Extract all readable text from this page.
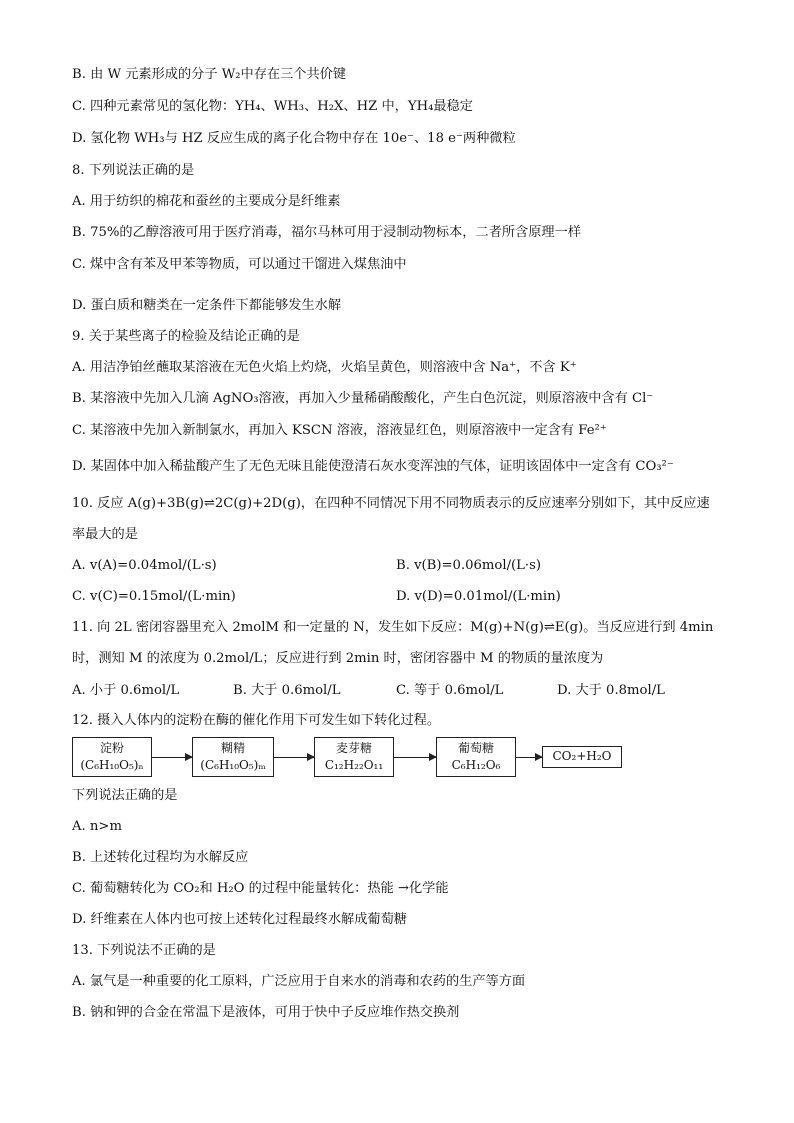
B. 由 W 元素形成的分子 W₂中存在三个共价键
C. 四种元素常见的氢化物：YH₄、WH₃、H₂X、HZ 中，YH₄最稳定
D. 氢化物 WH₃与 HZ 反应生成的离子化合物中存在 10e⁻、18 e⁻两种微粒
8. 下列说法正确的是
A. 用于纺织的棉花和蚕丝的主要成分是纤维素
B. 75%的乙醇溶液可用于医疗消毒，福尔马林可用于浸制动物标本，二者所含原理一样
C. 煤中含有苯及甲苯等物质，可以通过干馏进入煤焦油中
D. 蛋白质和糖类在一定条件下都能够发生水解
9. 关于某些离子的检验及结论正确的是
A. 用洁净铂丝蘸取某溶液在无色火焰上灼烧，火焰呈黄色，则溶液中含 Na⁺，不含 K⁺
B. 某溶液中先加入几滴 AgNO₃溶液，再加入少量稀硝酸酸化，产生白色沉淀，则原溶液中含有 Cl⁻
C. 某溶液中先加入新制氯水，再加入 KSCN 溶液，溶液显红色，则原溶液中一定含有 Fe²⁺
D. 某固体中加入稀盐酸产生了无色无味且能使澄清石灰水变浑浊的气体，证明该固体中一定含有 CO₃²⁻
10. 反应 A(g)+3B(g)⇌2C(g)+2D(g)，在四种不同情况下用不同物质表示的反应速率分别如下，其中反应速
率最大的是
A. v(A)=0.04mol/(L·s)	B. v(B)=0.06mol/(L·s)
C. v(C)=0.15mol/(L·min)	D. v(D)=0.01mol/(L·min)
11. 向 2L 密闭容器里充入 2molM 和一定量的 N，发生如下反应：M(g)+N(g)⇌E(g)。当反应进行到 4min
时，测知 M 的浓度为 0.2mol/L；反应进行到 2min 时，密闭容器中 M 的物质的量浓度为
A. 小于 0.6mol/L	B. 大于 0.6mol/L	C. 等于 0.6mol/L	D. 大于 0.8mol/L
12. 摄入人体内的淀粉在酶的催化作用下可发生如下转化过程。
淀粉
(C₆H₁₀O₅)ₙ
糊精
(C₆H₁₀O₅)ₘ
麦芽糖
C₁₂H₂₂O₁₁
葡萄糖
C₆H₁₂O₆
CO₂+H₂O
下列说法正确的是
A. n>m
B. 上述转化过程均为水解反应
C. 葡萄糖转化为 CO₂和 H₂O 的过程中能量转化：热能 →化学能
D. 纤维素在人体内也可按上述转化过程最终水解成葡萄糖
13. 下列说法不正确的是
A. 氯气是一种重要的化工原料，广泛应用于自来水的消毒和农药的生产等方面
B. 钠和钾的合金在常温下是液体，可用于快中子反应堆作热交换剂
